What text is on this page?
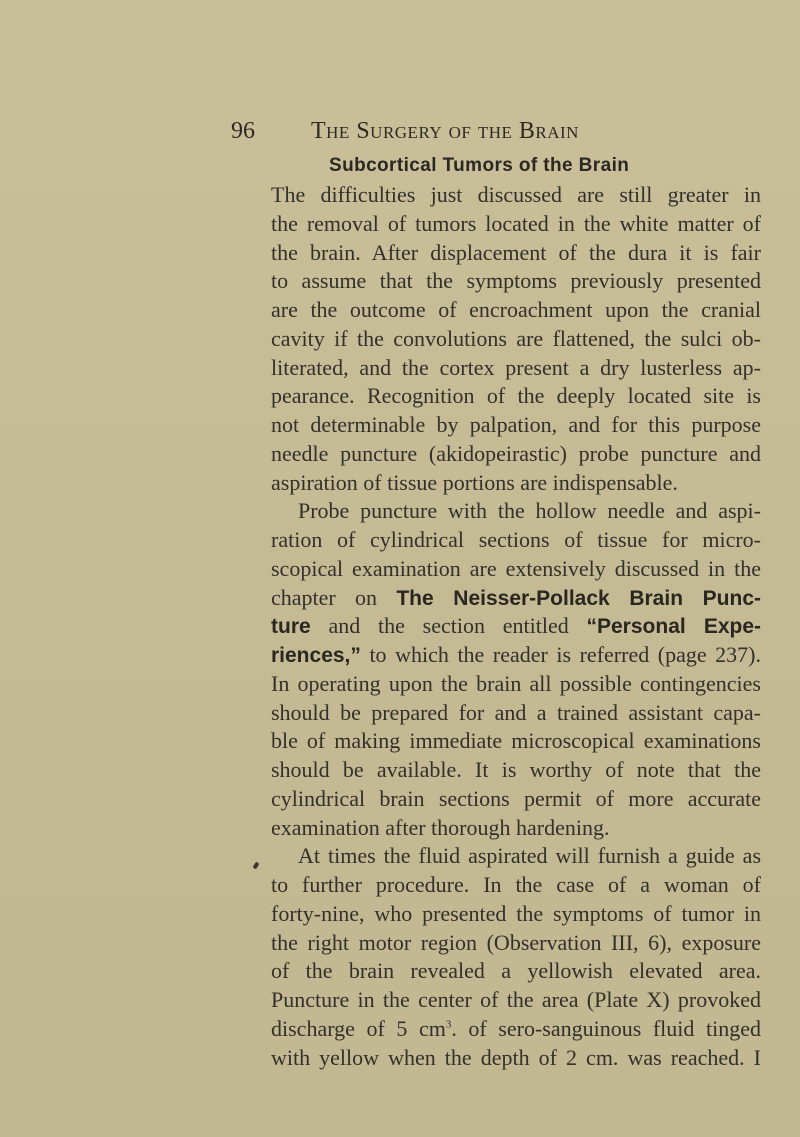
96 The Surgery of the Brain
Subcortical Tumors of the Brain
The difficulties just discussed are still greater in
the removal of tumors located in the white matter of
the brain. After displacement of the dura it is fair
to assume that the symptoms previously presented
are the outcome of encroachment upon the cranial
cavity if the convolutions are flattened, the sulci ob-
literated, and the cortex present a dry lusterless ap-
pearance. Recognition of the deeply located site is
not determinable by palpation, and for this purpose
needle puncture (akidopeirastic) probe puncture and
aspiration of tissue portions are indispensable.
Probe puncture with the hollow needle and aspi-
ration of cylindrical sections of tissue for micro-
scopical examination are extensively discussed in the
chapter on The Neisser-Pollack Brain Punc-
ture and the section entitled “Personal Expe-
riences,” to which the reader is referred (page 237).
In operating upon the brain all possible contingencies
should be prepared for and a trained assistant capa-
ble of making immediate microscopical examinations
should be available. It is worthy of note that the
cylindrical brain sections permit of more accurate
examination after thorough hardening.
At times the fluid aspirated will furnish a guide as
to further procedure. In the case of a woman of
forty-nine, who presented the symptoms of tumor in
the right motor region (Observation III, 6), exposure
of the brain revealed a yellowish elevated area.
Puncture in the center of the area (Plate X) provoked
discharge of 5 $cm^3$. of sero-sanguinous fluid tinged
with yellow when the depth of 2 cm. was reached. I
